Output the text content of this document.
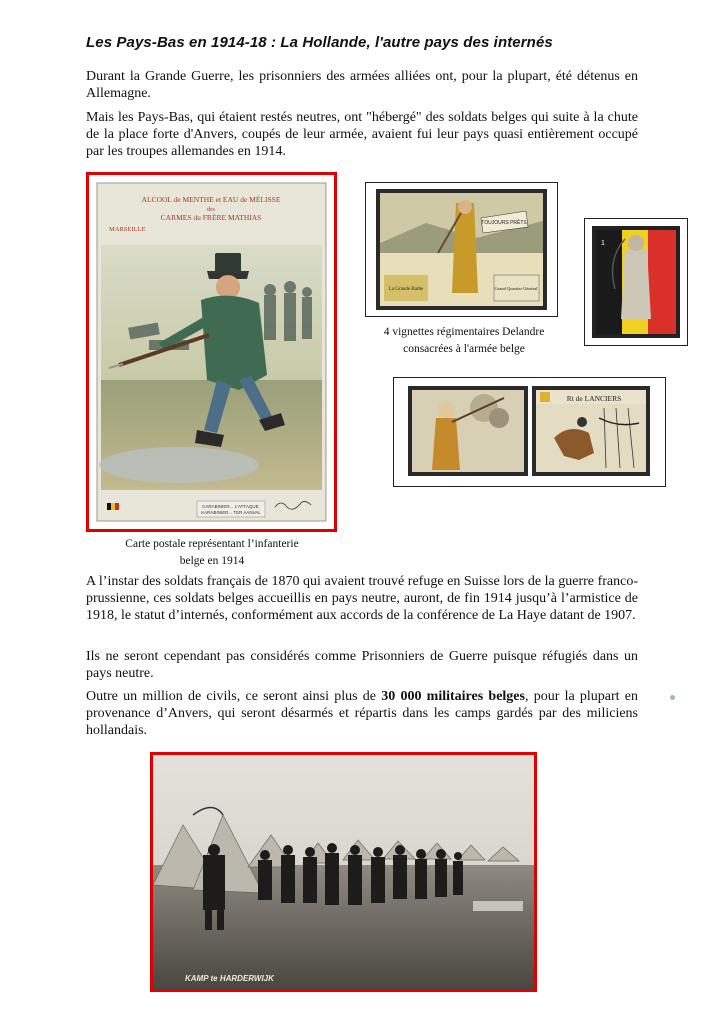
Les Pays-Bas en 1914-18 : La Hollande, l'autre pays des internés
Durant la Grande Guerre, les prisonniers des armées alliées ont, pour la plupart, été détenus en Allemagne.
Mais les Pays-Bas, qui étaient restés neutres, ont "hébergé" des soldats belges qui suite à la chute de la place forte d'Anvers, coupés de leur armée, avaient fui leur pays quasi entièrement occupé par les troupes allemandes en 1914.
ALCOOL de MENTHE et EAU de MÉLISSE
des
CARMES du FRÈRE MATHIAS
MARSEILLE
CARABINIER... L'ATTAQUE.
KARABINIER... TER AANVAL
Carte postale représentant l’infanterie
belge en 1914
TOUJOURS PRÊTS
La Grande Barbe	Grand Quartier Général
1
4 vignettes régimentaires Delandre
consacrées à l'armée belge
Rt de LANCIERS
A l’instar des soldats français de 1870 qui avaient trouvé refuge en Suisse lors de la guerre franco-prussienne, ces soldats belges accueillis en pays neutre, auront, de fin 1914 jusqu’à l’armistice de 1918, le statut d’internés, conformément aux accords de la conférence de La Haye datant de 1907.
Ils ne seront cependant pas considérés comme Prisonniers de Guerre puisque réfugiés dans un pays neutre.
Outre un million de civils, ce seront ainsi plus de 30 000 militaires belges, pour la plupart en provenance d’Anvers, qui seront désarmés et répartis dans les camps gardés par des miliciens hollandais.
KAMP te HARDERWIJK
